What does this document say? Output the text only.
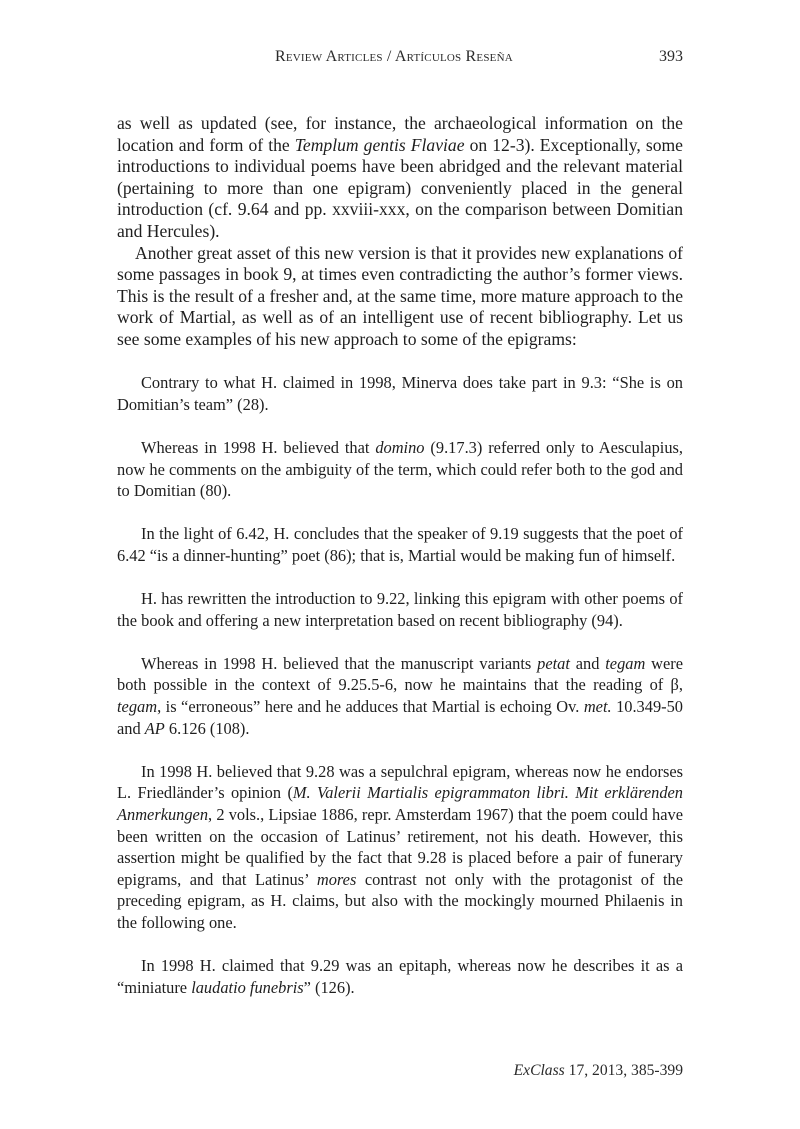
Review Articles / Artículos Reseña	393

as well as updated (see, for instance, the archaeological information on the location and form of the Templum gentis Flaviae on 12-3). Exceptionally, some introductions to individual poems have been abridged and the relevant material (pertaining to more than one epigram) conveniently placed in the general introduction (cf. 9.64 and pp. xxviii-xxx, on the comparison between Domitian and Hercules).

Another great asset of this new version is that it provides new explanations of some passages in book 9, at times even contradicting the author’s former views. This is the result of a fresher and, at the same time, more mature approach to the work of Martial, as well as of an intelligent use of recent bibliography. Let us see some examples of his new approach to some of the epigrams:

Contrary to what H. claimed in 1998, Minerva does take part in 9.3: “She is on Domitian’s team” (28).

Whereas in 1998 H. believed that domino (9.17.3) referred only to Aesculapius, now he comments on the ambiguity of the term, which could refer both to the god and to Domitian (80).

In the light of 6.42, H. concludes that the speaker of 9.19 suggests that the poet of 6.42 “is a dinner-hunting” poet (86); that is, Martial would be making fun of himself.

H. has rewritten the introduction to 9.22, linking this epigram with other poems of the book and offering a new interpretation based on recent bibliography (94).

Whereas in 1998 H. believed that the manuscript variants petat and tegam were both possible in the context of 9.25.5-6, now he maintains that the reading of β, tegam, is “erroneous” here and he adduces that Martial is echoing Ov. met. 10.349-50 and AP 6.126 (108).

In 1998 H. believed that 9.28 was a sepulchral epigram, whereas now he endorses L. Friedländer’s opinion (M. Valerii Martialis epigrammaton libri. Mit erklärenden Anmerkungen, 2 vols., Lipsiae 1886, repr. Amsterdam 1967) that the poem could have been written on the occasion of Latinus’ retirement, not his death. However, this assertion might be qualified by the fact that 9.28 is placed before a pair of funerary epigrams, and that Latinus’ mores contrast not only with the protagonist of the preceding epigram, as H. claims, but also with the mockingly mourned Philaenis in the following one.

In 1998 H. claimed that 9.29 was an epitaph, whereas now he describes it as a “miniature laudatio funebris” (126).

ExClass 17, 2013, 385-399
